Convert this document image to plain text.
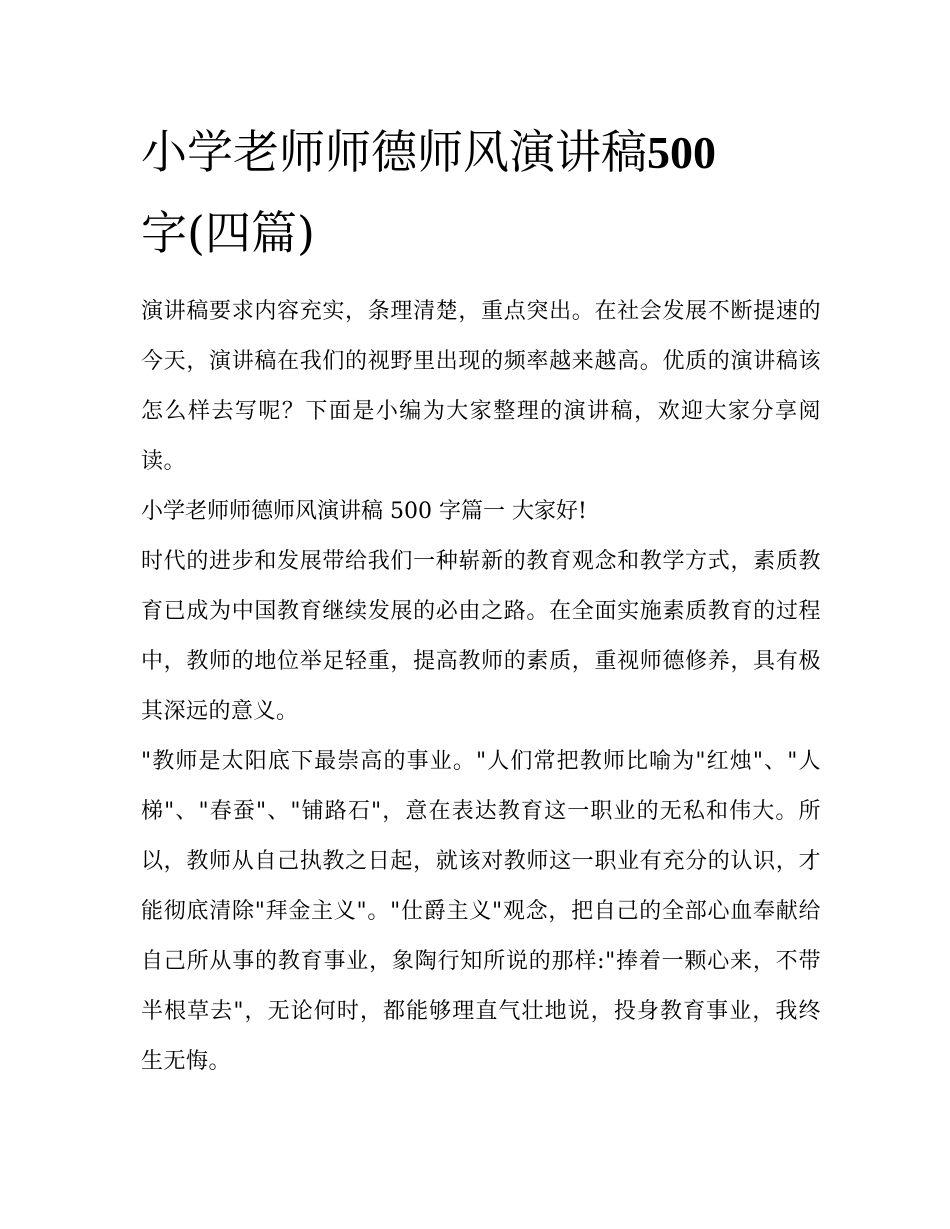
小学老师师德师风演讲稿500
字(四篇)

演讲稿要求内容充实，条理清楚，重点突出。在社会发展不断提速的今天，演讲稿在我们的视野里出现的频率越来越高。优质的演讲稿该怎么样去写呢？下面是小编为大家整理的演讲稿，欢迎大家分享阅读。

小学老师师德师风演讲稿 500 字篇一 大家好!

时代的进步和发展带给我们一种崭新的教育观念和教学方式，素质教育已成为中国教育继续发展的必由之路。在全面实施素质教育的过程中，教师的地位举足轻重，提高教师的素质，重视师德修养，具有极其深远的意义。

"教师是太阳底下最崇高的事业。"人们常把教师比喻为"红烛"、"人梯"、"春蚕"、"铺路石"，意在表达教育这一职业的无私和伟大。所以，教师从自己执教之日起，就该对教师这一职业有充分的认识，才能彻底清除"拜金主义"。"仕爵主义"观念，把自己的全部心血奉献给自己所从事的教育事业，象陶行知所说的那样:"捧着一颗心来，不带半根草去"，无论何时，都能够理直气壮地说，投身教育事业，我终生无悔。
